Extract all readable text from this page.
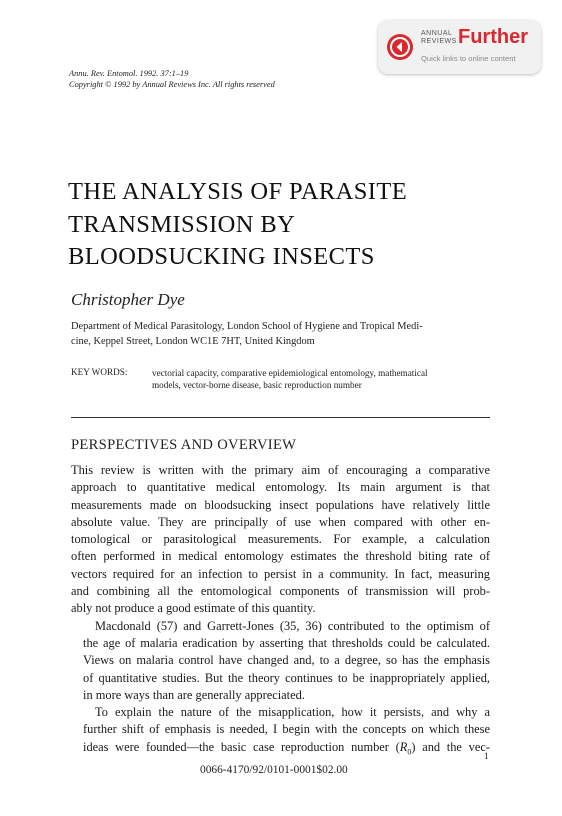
ANNUAL
REVIEWS Further
Quick links to online content
Annu. Rev. Entomol. 1992. 37:1–19
Copyright © 1992 by Annual Reviews Inc. All rights reserved
THE ANALYSIS OF PARASITE
TRANSMISSION BY
BLOODSUCKING INSECTS
Christopher Dye
Department of Medical Parasitology, London School of Hygiene and Tropical Medi-
cine, Keppel Street, London WC1E 7HT, United Kingdom
KEY WORDS:	vectorial capacity, comparative epidemiological entomology, mathematical
models, vector-borne disease, basic reproduction number
PERSPECTIVES AND OVERVIEW

This review is written with the primary aim of encouraging a comparative
approach to quantitative medical entomology. Its main argument is that
measurements made on bloodsucking insect populations have relatively little
absolute value. They are principally of use when compared with other en-
tomological or parasitological measurements. For example, a calculation
often performed in medical entomology estimates the threshold biting rate of
vectors required for an infection to persist in a community. In fact, measuring
and combining all the entomological components of transmission will prob-
ably not produce a good estimate of this quantity.

Macdonald (57) and Garrett-Jones (35, 36) contributed to the optimism of
the age of malaria eradication by asserting that thresholds could be calculated.
Views on malaria control have changed and, to a degree, so has the emphasis
of quantitative studies. But the theory continues to be inappropriately applied,
in more ways than are generally appreciated.

To explain the nature of the misapplication, how it persists, and why a
further shift of emphasis is needed, I begin with the concepts on which these
ideas were founded—the basic case reproduction number $(R_0)$ and the vec-

1
0066-4170/92/0101-0001$02.00
